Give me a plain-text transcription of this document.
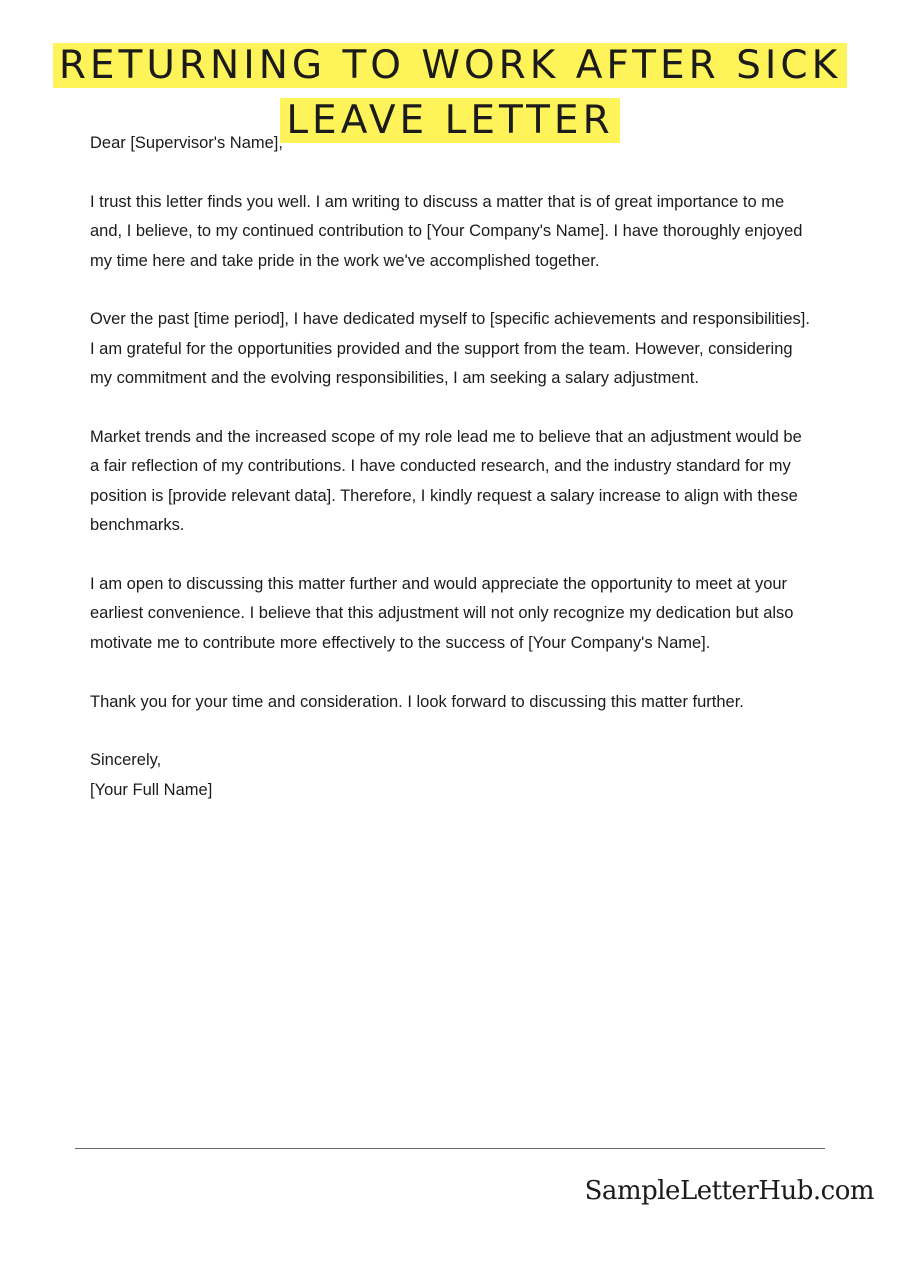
RETURNING TO WORK AFTER SICK
LEAVE LETTER

Dear [Supervisor's Name],

I trust this letter finds you well. I am writing to discuss a matter that is of great importance to me and, I believe, to my continued contribution to [Your Company's Name]. I have thoroughly enjoyed my time here and take pride in the work we've accomplished together.

Over the past [time period], I have dedicated myself to [specific achievements and responsibilities]. I am grateful for the opportunities provided and the support from the team. However, considering my commitment and the evolving responsibilities, I am seeking a salary adjustment.

Market trends and the increased scope of my role lead me to believe that an adjustment would be a fair reflection of my contributions. I have conducted research, and the industry standard for my position is [provide relevant data]. Therefore, I kindly request a salary increase to align with these benchmarks.

I am open to discussing this matter further and would appreciate the opportunity to meet at your earliest convenience. I believe that this adjustment will not only recognize my dedication but also motivate me to contribute more effectively to the success of [Your Company's Name].

Thank you for your time and consideration. I look forward to discussing this matter further.

Sincerely,

[Your Full Name]

SampleLetterHub.com
